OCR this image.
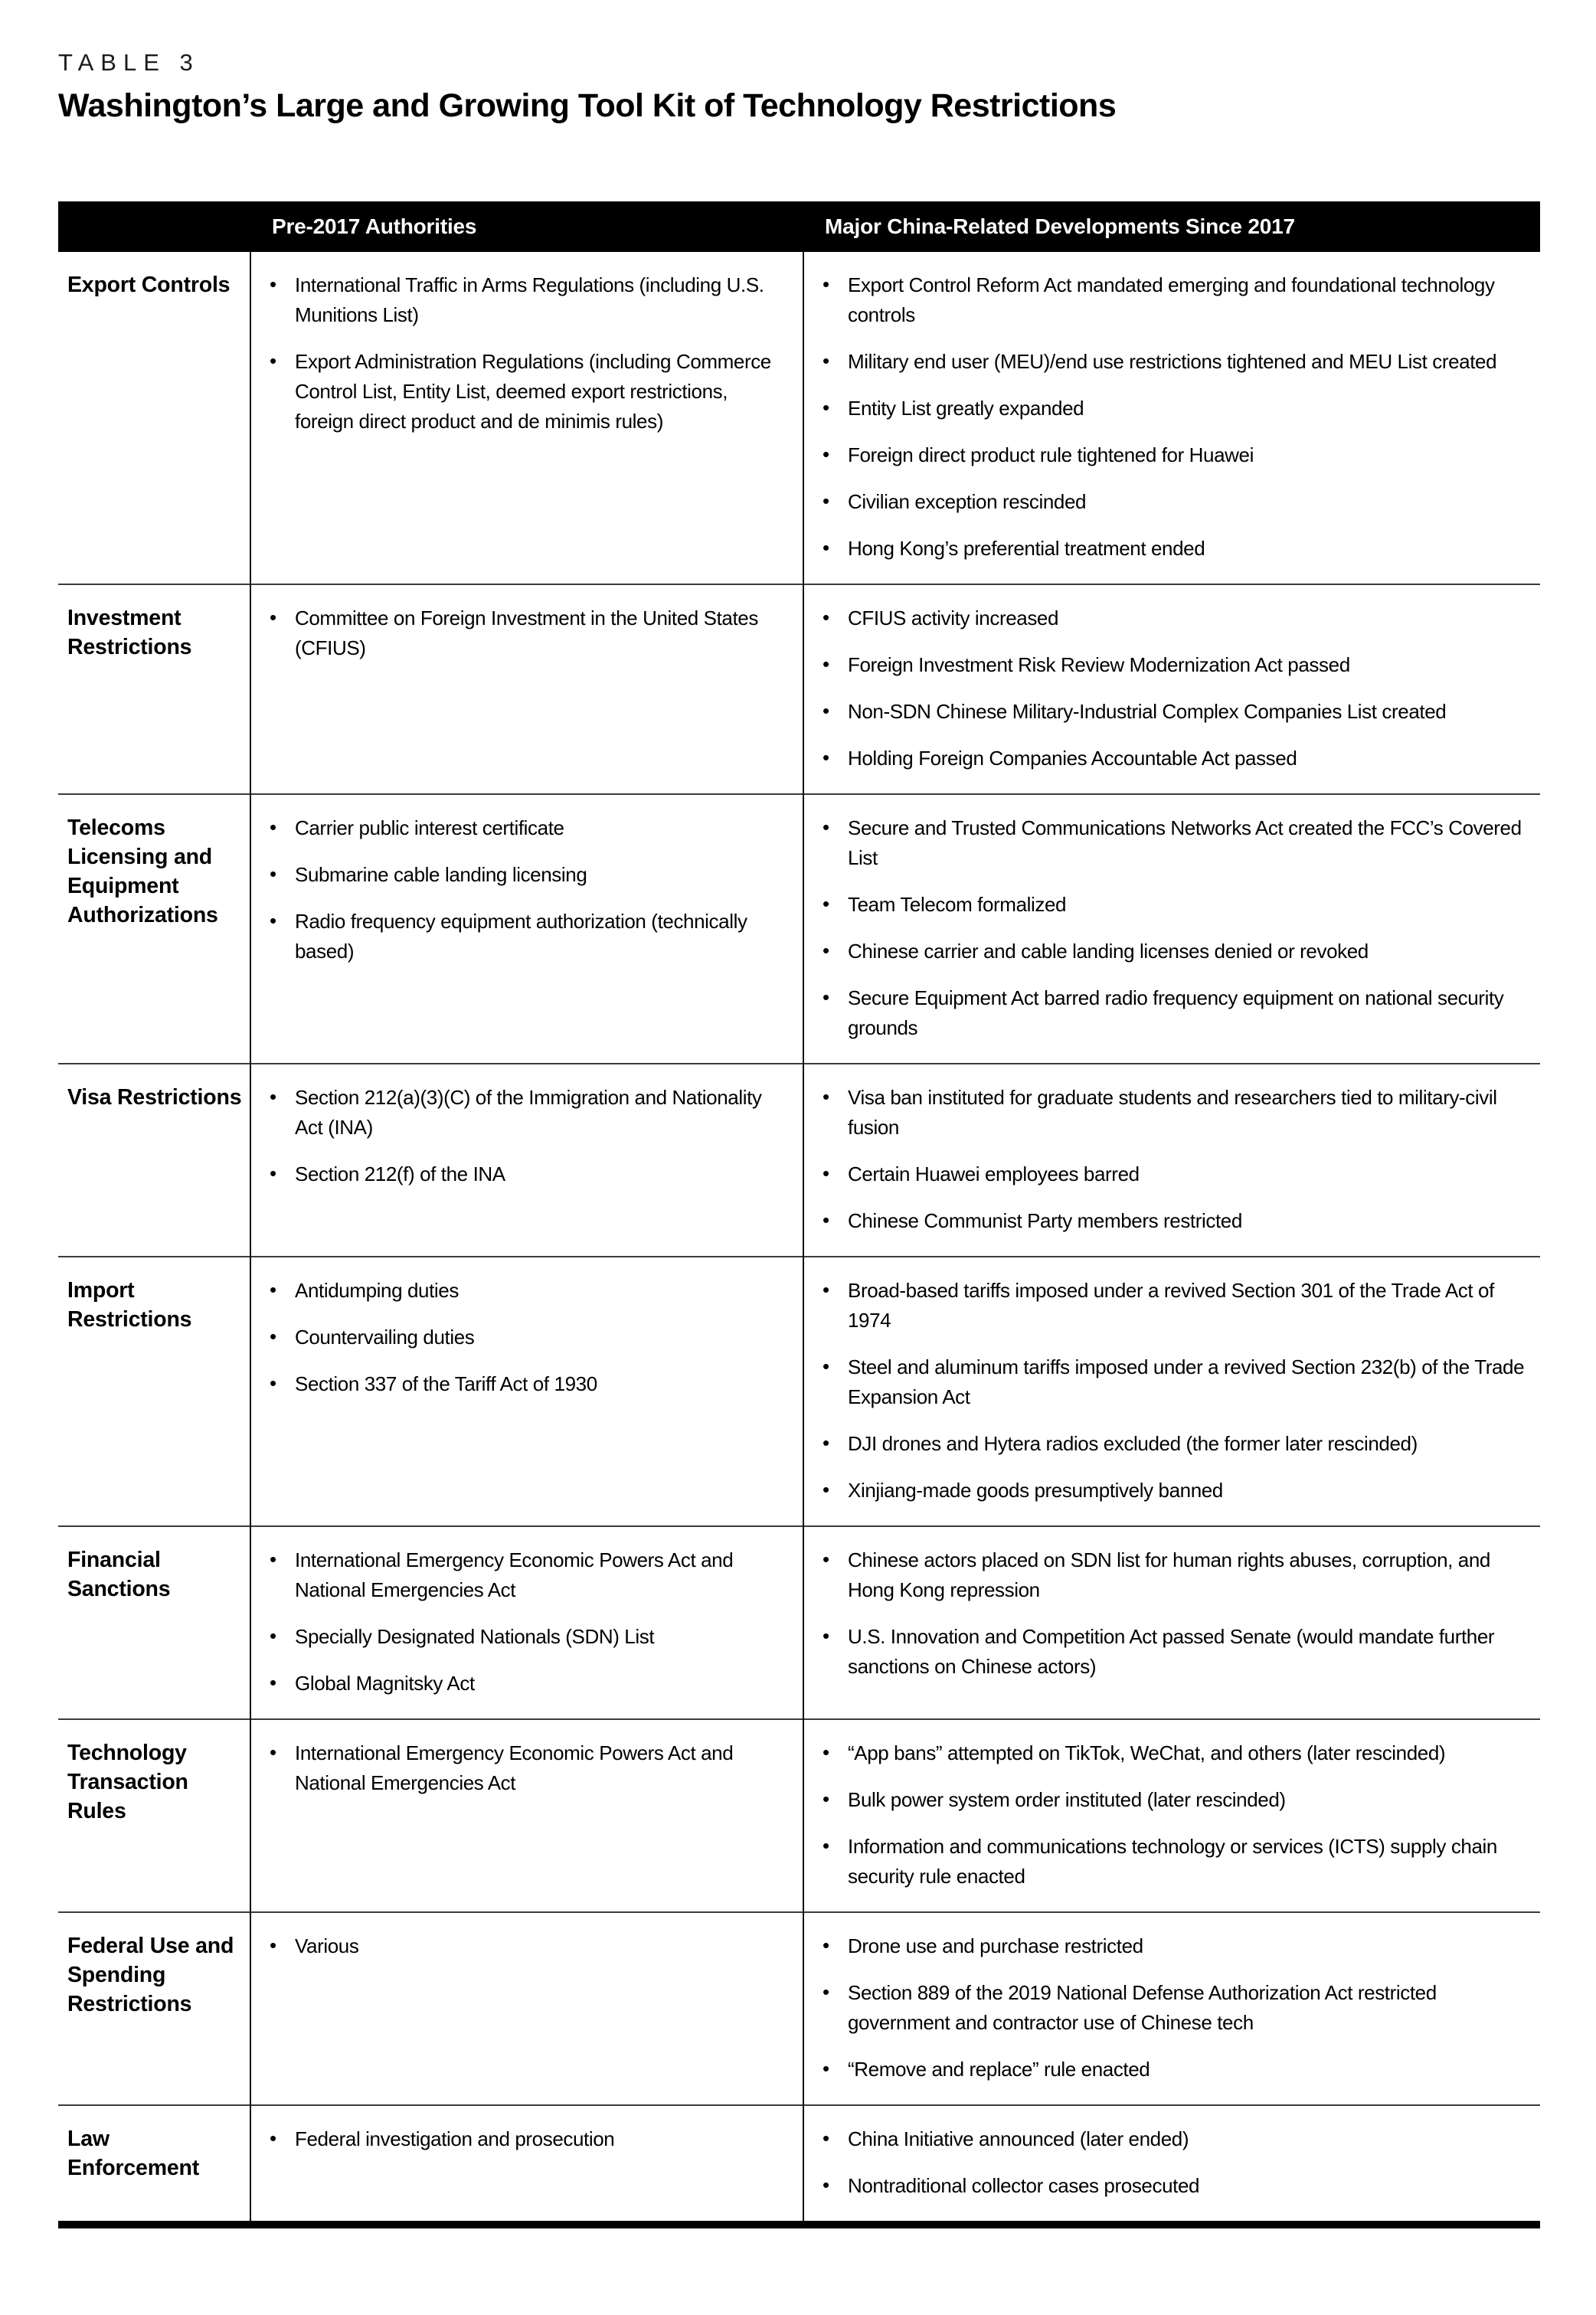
TABLE 3
Washington’s Large and Growing Tool Kit of Technology Restrictions
	Pre-2017 Authorities	Major China-Related Developments Since 2017
Export Controls	
•International Traffic in Arms Regulations (including U.S. Munitions List)
• Export Administration Regulations (including Commerce Control List, Entity List, deemed export restrictions, foreign direct product and de minimis rules)

• Export Control Reform Act mandated emerging and foundational technology controls
• Military end user (MEU)/end use restrictions tightened and MEU List created
• Entity List greatly expanded
• Foreign direct product rule tightened for Huawei
• Civilian exception rescinded
• Hong Kong’s preferential treatment ended

Investment Restrictions	
• Committee on Foreign Investment in the United States (CFIUS)

• CFIUS activity increased
• Foreign Investment Risk Review Modernization Act passed
• Non-SDN Chinese Military-Industrial Complex Companies List created
• Holding Foreign Companies Accountable Act passed

Telecoms Licensing and Equipment Authorizations	
• Carrier public interest certificate
• Submarine cable landing licensing
• Radio frequency equipment authorization (technically based)

• Secure and Trusted Communications Networks Act created the FCC’s Covered List
• Team Telecom formalized
• Chinese carrier and cable landing licenses denied or revoked
• Secure Equipment Act barred radio frequency equipment on national security grounds

Visa Restrictions	
•Section 212(a)(3)(C) of the Immigration and Nationality Act (INA)
• Section 212(f) of the INA

• Visa ban instituted for graduate students and researchers tied to military-civil fusion
• Certain Huawei employees barred
• Chinese Communist Party members restricted

Import Restrictions	
• Antidumping duties
• Countervailing duties
• Section 337 of the Tariff Act of 1930

• Broad-based tariffs imposed under a revived Section 301 of the Trade Act of 1974
• Steel and aluminum tariffs imposed under a revived Section 232(b) of the Trade Expansion Act
• DJI drones and Hytera radios excluded (the former later rescinded)
• Xinjiang-made goods presumptively banned

Financial Sanctions	
• International Emergency Economic Powers Act and National Emergencies Act
• Specially Designated Nationals (SDN) List
• Global Magnitsky Act

• Chinese actors placed on SDN list for human rights abuses, corruption, and Hong Kong repression
• U.S. Innovation and Competition Act passed Senate (would mandate further sanctions on Chinese actors)

Technology Transaction Rules	
• International Emergency Economic Powers Act and National Emergencies Act

• “App bans” attempted on TikTok, WeChat, and others (later rescinded)
• Bulk power system order instituted (later rescinded)
• Information and communications technology or services (ICTS) supply chain security rule enacted

Federal Use and Spending Restrictions	
• Various

•Drone use and purchase restricted
• Section 889 of the 2019 National Defense Authorization Act restricted government and contractor use of Chinese tech
• “Remove and replace” rule enacted

Law Enforcement	
• Federal investigation and prosecution

•China Initiative announced (later ended)
• Nontraditional collector cases prosecuted
